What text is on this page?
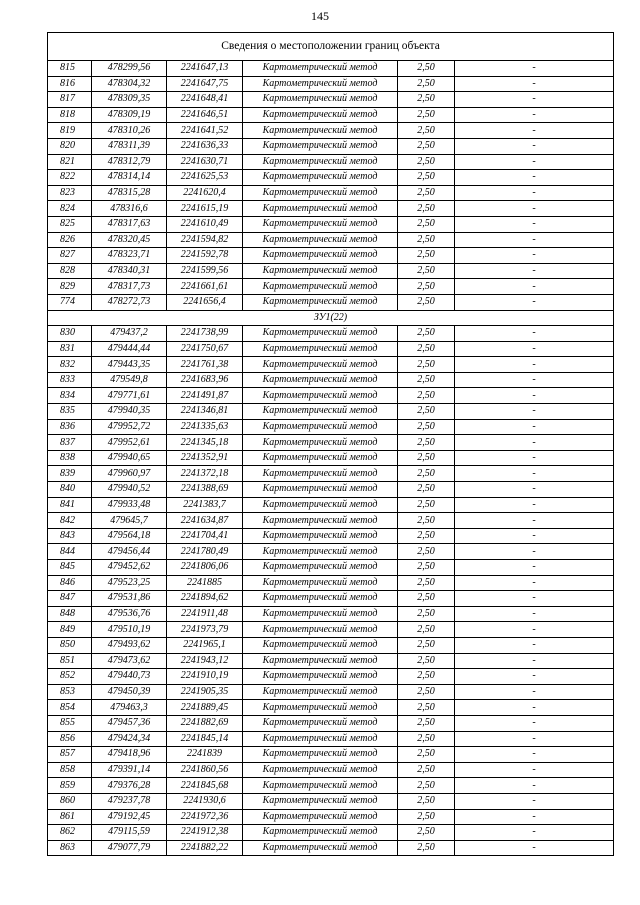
145
Сведения о местоположении границ объекта					
815	478299,56	2241647,13	Картометрический метод	2,50	-
816	478304,32	2241647,75	Картометрический метод	2,50	-
817	478309,35	2241648,41	Картометрический метод	2,50	-
818	478309,19	2241646,51	Картометрический метод	2,50	-
819	478310,26	2241641,52	Картометрический метод	2,50	-
820	478311,39	2241636,33	Картометрический метод	2,50	-
821	478312,79	2241630,71	Картометрический метод	2,50	-
822	478314,14	2241625,53	Картометрический метод	2,50	-
823	478315,28	2241620,4	Картометрический метод	2,50	-
824	478316,6	2241615,19	Картометрический метод	2,50	-
825	478317,63	2241610,49	Картометрический метод	2,50	-
826	478320,45	2241594,82	Картометрический метод	2,50	-
827	478323,71	2241592,78	Картометрический метод	2,50	-
828	478340,31	2241599,56	Картометрический метод	2,50	-
829	478317,73	2241661,61	Картометрический метод	2,50	-
774	478272,73	2241656,4	Картометрический метод	2,50	-
ЗУ1(22)					
830	479437,2	2241738,99	Картометрический метод	2,50	-
831	479444,44	2241750,67	Картометрический метод	2,50	-
832	479443,35	2241761,38	Картометрический метод	2,50	-
833	479549,8	2241683,96	Картометрический метод	2,50	-
834	479771,61	2241491,87	Картометрический метод	2,50	-
835	479940,35	2241346,81	Картометрический метод	2,50	-
836	479952,72	2241335,63	Картометрический метод	2,50	-
837	479952,61	2241345,18	Картометрический метод	2,50	-
838	479940,65	2241352,91	Картометрический метод	2,50	-
839	479960,97	2241372,18	Картометрический метод	2,50	-
840	479940,52	2241388,69	Картометрический метод	2,50	-
841	479933,48	2241383,7	Картометрический метод	2,50	-
842	479645,7	2241634,87	Картометрический метод	2,50	-
843	479564,18	2241704,41	Картометрический метод	2,50	-
844	479456,44	2241780,49	Картометрический метод	2,50	-
845	479452,62	2241806,06	Картометрический метод	2,50	-
846	479523,25	2241885	Картометрический метод	2,50	-
847	479531,86	2241894,62	Картометрический метод	2,50	-
848	479536,76	2241911,48	Картометрический метод	2,50	-
849	479510,19	2241973,79	Картометрический метод	2,50	-
850	479493,62	2241965,1	Картометрический метод	2,50	-
851	479473,62	2241943,12	Картометрический метод	2,50	-
852	479440,73	2241910,19	Картометрический метод	2,50	-
853	479450,39	2241905,35	Картометрический метод	2,50	-
854	479463,3	2241889,45	Картометрический метод	2,50	-
855	479457,36	2241882,69	Картометрический метод	2,50	-
856	479424,34	2241845,14	Картометрический метод	2,50	-
857	479418,96	2241839	Картометрический метод	2,50	-
858	479391,14	2241860,56	Картометрический метод	2,50	-
859	479376,28	2241845,68	Картометрический метод	2,50	-
860	479237,78	2241930,6	Картометрический метод	2,50	-
861	479192,45	2241972,36	Картометрический метод	2,50	-
862	479115,59	2241912,38	Картометрический метод	2,50	-
863	479077,79	2241882,22	Картометрический метод	2,50	-
